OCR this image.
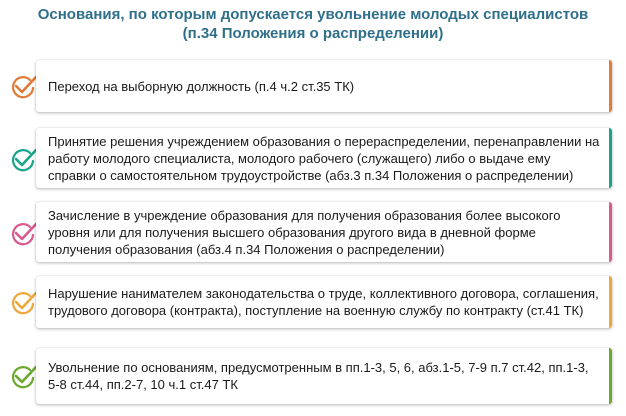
Основания, по которым допускается увольнение молодых специалистов
(п.34 Положения о распределении)
Переход на выборную должность (п.4 ч.2 ст.35 ТК)
Принятие решения учреждением образования о перераспределении, перенаправлении на работу молодого специалиста, молодого рабочего (служащего) либо о выдаче ему справки о самостоятельном трудоустройстве (абз.3 п.34 Положения о распределении)
Зачисление в учреждение образования для получения образования более высокого уровня или для получения высшего образования другого вида в дневной форме получения образования (абз.4 п.34 Положения о распределении)
Нарушение нанимателем законодательства о труде, коллективного договора, соглашения, трудового договора (контракта), поступление на военную службу по контракту (ст.41 ТК)
Увольнение по основаниям, предусмотренным в пп.1-3, 5, 6, абз.1-5, 7-9 п.7 ст.42, пп.1-3, 5-8 ст.44, пп.2-7, 10 ч.1 ст.47 ТК
